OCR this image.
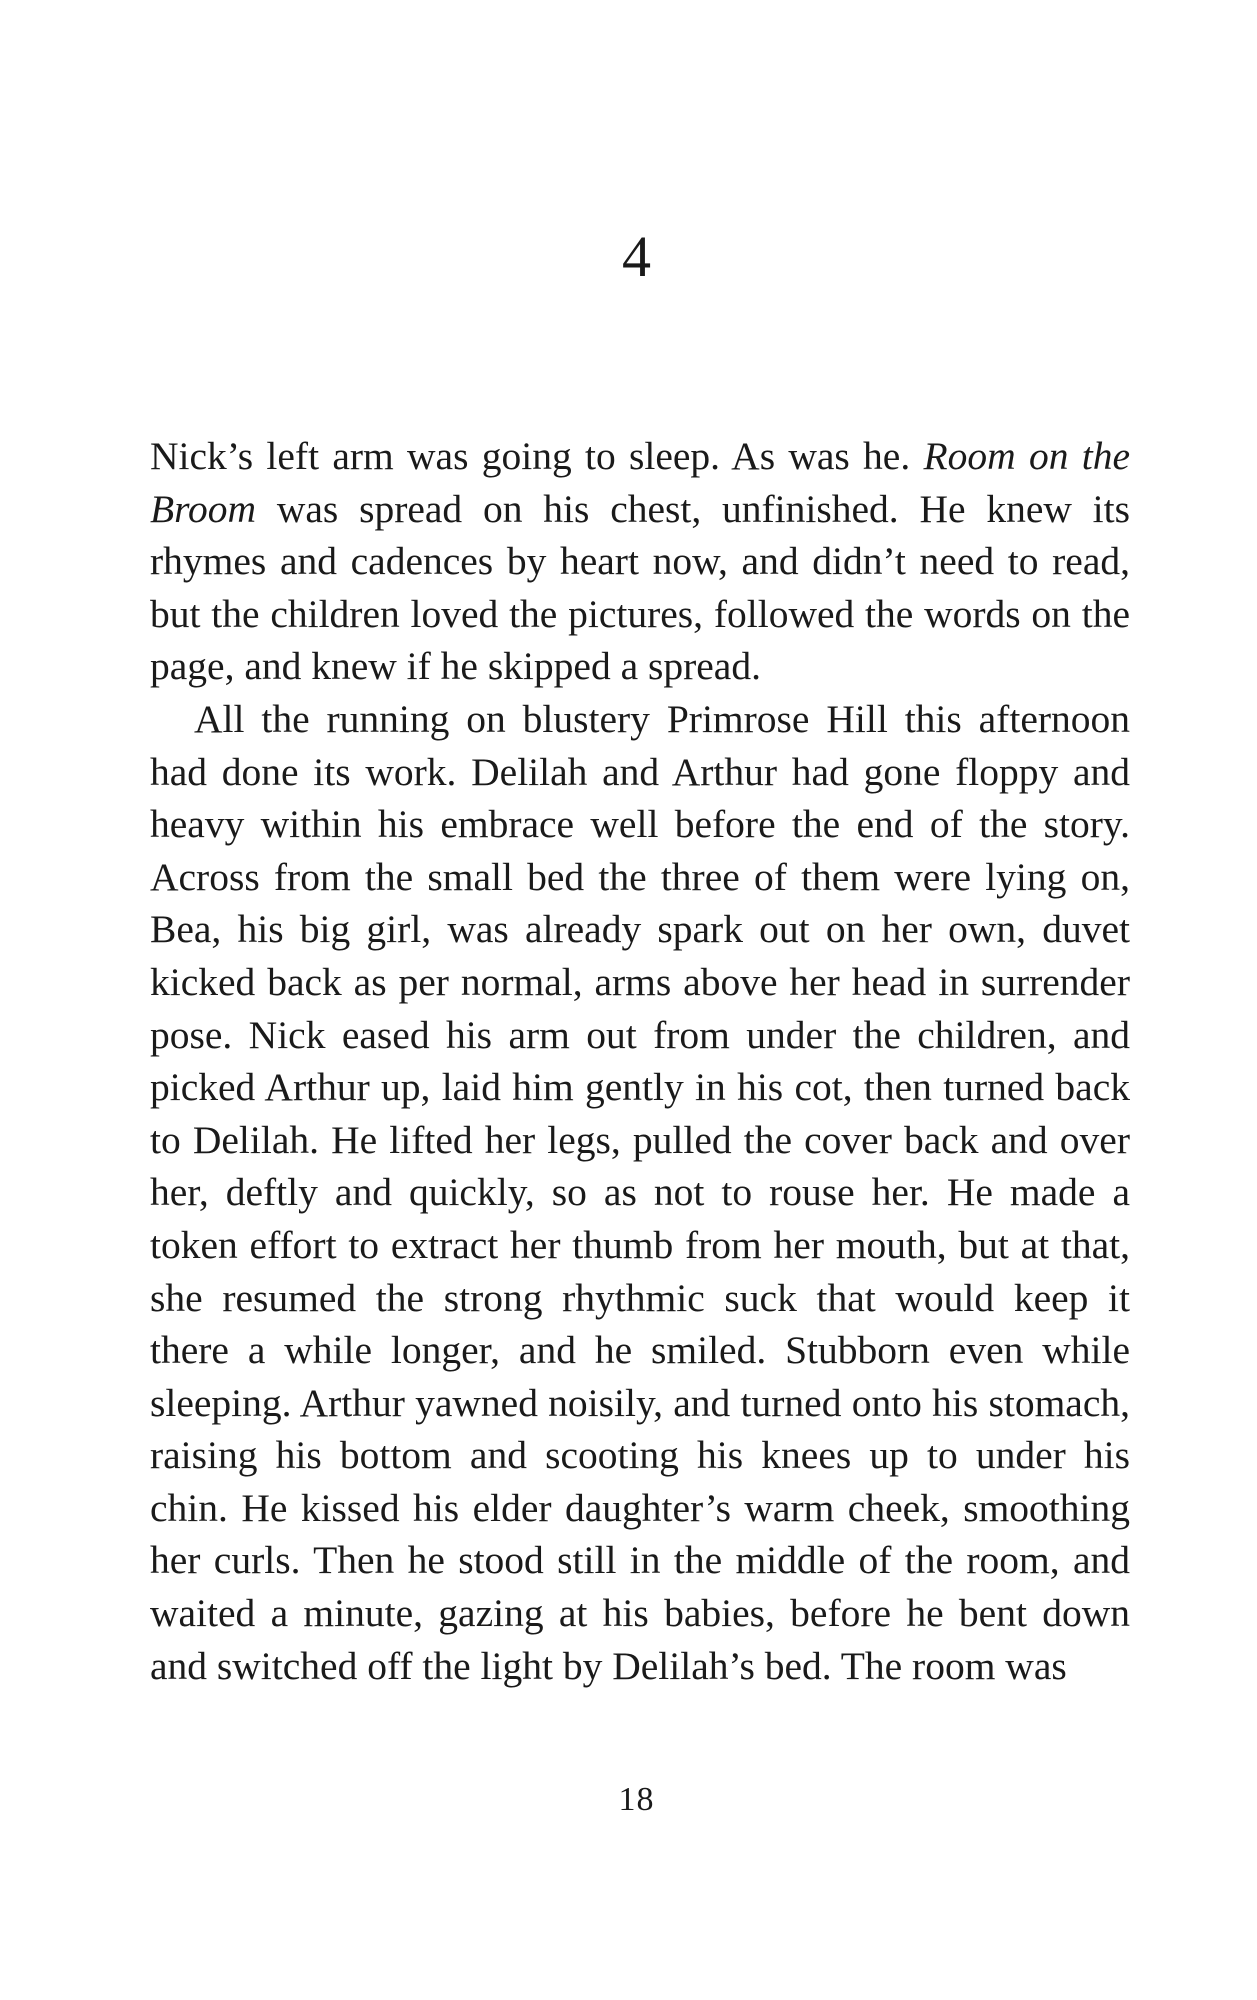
4

Nick’s left arm was going to sleep. As was he. Room on the Broom was spread on his chest, unfinished. He knew its rhymes and cadences by heart now, and didn’t need to read, but the children loved the pictures, followed the words on the page, and knew if he skipped a spread.

All the running on blustery Primrose Hill this afternoon had done its work. Delilah and Arthur had gone floppy and heavy within his embrace well before the end of the story. Across from the small bed the three of them were lying on, Bea, his big girl, was already spark out on her own, duvet kicked back as per normal, arms above her head in surrender pose. Nick eased his arm out from under the children, and picked Arthur up, laid him gently in his cot, then turned back to Delilah. He lifted her legs, pulled the cover back and over her, deftly and quickly, so as not to rouse her. He made a token effort to extract her thumb from her mouth, but at that, she resumed the strong rhythmic suck that would keep it there a while longer, and he smiled. Stubborn even while sleeping. Arthur yawned noisily, and turned onto his stomach, raising his bottom and scooting his knees up to under his chin. He kissed his elder daughter’s warm cheek, smoothing her curls. Then he stood still in the middle of the room, and waited a minute, gazing at his babies, before he bent down and switched off the light by Delilah’s bed. The room was

18
